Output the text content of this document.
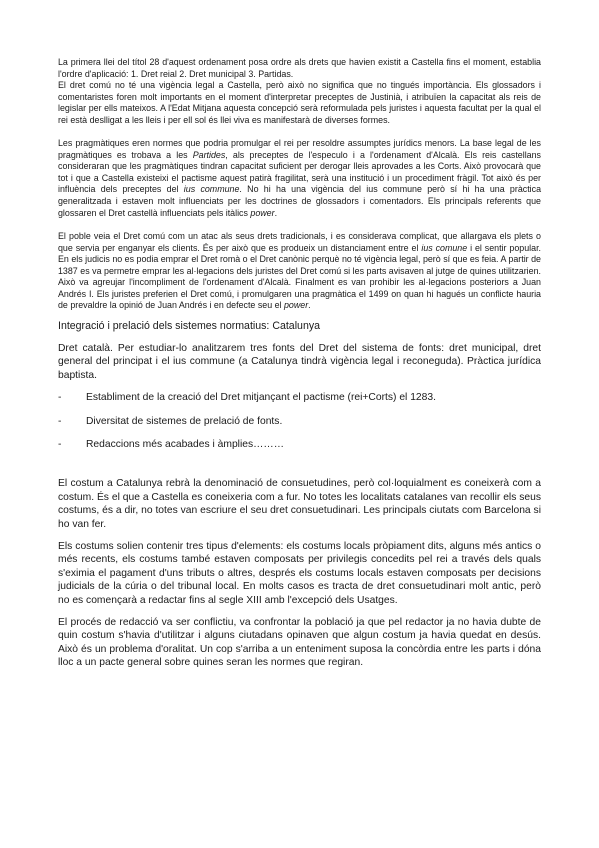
La primera llei del títol 28 d'aquest ordenament posa ordre als drets que havien existit a Castella fins el moment, establia l'ordre d'aplicació: 1. Dret reial 2. Dret municipal 3. Partidas.

El dret comú no té una vigència legal a Castella, però això no significa que no tingués importància. Els glossadors i comentaristes foren molt importants en el moment d'interpretar preceptes de Justinià, i atribuïen la capacitat als reis de legislar per ells mateixos. A l'Edat Mitjana aquesta concepció serà reformulada pels juristes i aquesta facultat per la qual el rei està deslligat a les lleis i per ell sol és llei viva es manifestarà de diverses formes.

Les pragmàtiques eren normes que podria promulgar el rei per resoldre assumptes jurídics menors. La base legal de les pragmàtiques es trobava a les Partides, als preceptes de l'especulo i a l'ordenament d'Alcalà. Els reis castellans consideraran que les pragmàtiques tindran capacitat suficient per derogar lleis aprovades a les Corts. Això provocarà que tot i que a Castella existeixi el pactisme aquest patirà fragilitat, serà una institució i un procediment fràgil. Tot això és per influència dels preceptes del ius commune. No hi ha una vigència del ius commune però sí hi ha una pràctica generalitzada i estaven molt influenciats per les doctrines de glossadors i comentadors. Els principals referents que glossaren el Dret castellà influenciats pels itàlics power.

El poble veia el Dret comú com un atac als seus drets tradicionals, i es considerava complicat, que allargava els plets o que servia per enganyar els clients. És per això que es produeix un distanciament entre el ius comune i el sentir popular. En els judicis no es podia emprar el Dret romà o el Dret canònic perquè no té vigència legal, però sí que es feia. A partir de 1387 es va permetre emprar les al·legacions dels juristes del Dret comú si les parts avisaven al jutge de quines utilitzarien. Això va agreujar l'incompliment de l'ordenament d'Alcalà. Finalment es van prohibir les al·legacions posteriors a Juan Andrés I. Els juristes preferien el Dret comú, i promulgaren una pragmàtica el 1499 on quan hi hagués un conflicte hauria de prevaldre la opinió de Juan Andrés i en defecte seu el power.

Integració i prelació dels sistemes normatius: Catalunya

Dret català. Per estudiar-lo analitzarem tres fonts del Dret del sistema de fonts: dret municipal, dret general del principat i el ius commune (a Catalunya tindrà vigència legal i reconeguda). Pràctica jurídica baptista.

-	Establiment de la creació del Dret mitjançant el pactisme (rei+Corts) el 1283.
-	Diversitat de sistemes de prelació de fonts.
-	Redaccions més acabades i àmplies………

El costum a Catalunya rebrà la denominació de consuetudines, però col·loquialment es coneixerà com a costum. És el que a Castella es coneixeria com a fur. No totes les localitats catalanes van recollir els seus costums, és a dir, no totes van escriure el seu dret consuetudinari. Les principals ciutats com Barcelona si ho van fer.

Els costums solien contenir tres tipus d'elements: els costums locals pròpiament dits, alguns més antics o més recents, els costums també estaven composats per privilegis concedits pel rei a través dels quals s'eximia el pagament d'uns tributs o altres, després els costums locals estaven composats per decisions judicials de la cúria o del tribunal local. En molts casos es tracta de dret consuetudinari molt antic, però no es començarà a redactar fins al segle XIII amb l'excepció dels Usatges.

El procés de redacció va ser conflictiu, va confrontar la població ja que pel redactor ja no havia dubte de quin costum s'havia d'utilitzar i alguns ciutadans opinaven que algun costum ja havia quedat en desús. Això és un problema d'oralitat. Un cop s'arriba a un enteniment suposa la concòrdia entre les parts i dóna lloc a un pacte general sobre quines seran les normes que regiran.
